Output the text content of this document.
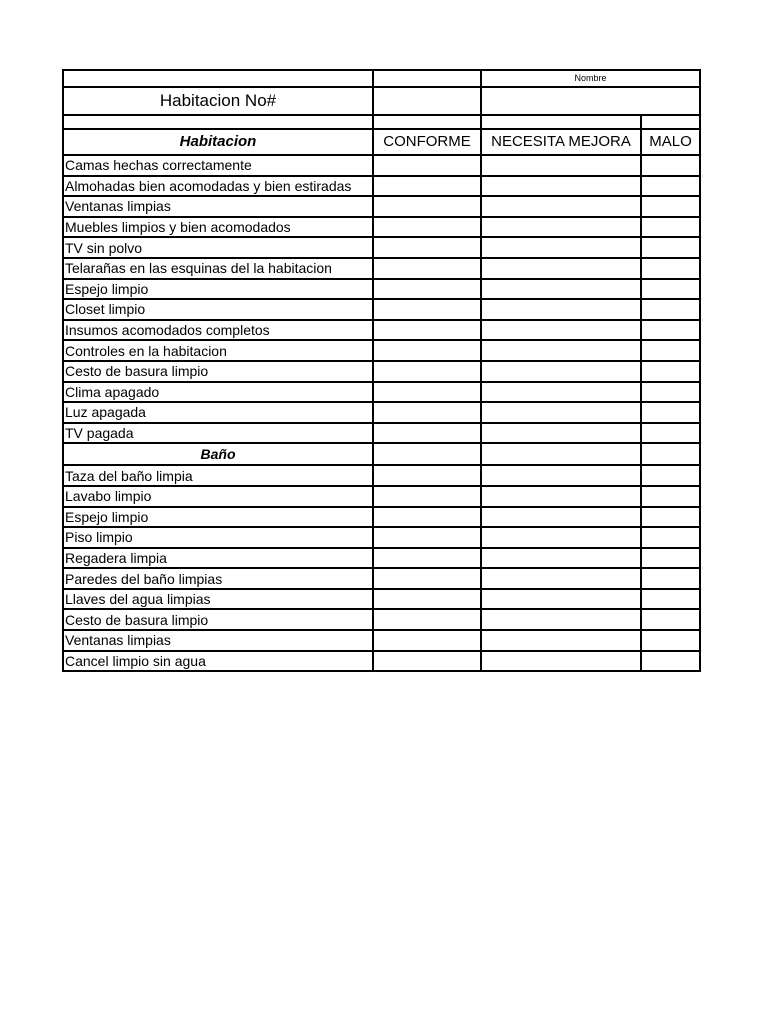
		Nombre	
Habitacion No#			

Habitacion	CONFORME	NECESITA MEJORA	MALO
Camas hechas correctamente			
Almohadas bien acomodadas y bien estiradas			
Ventanas limpias			
Muebles limpios y bien acomodados			
TV sin polvo			
Telarañas en las esquinas del la habitacion			
Espejo limpio			
Closet limpio			
Insumos acomodados completos			
Controles en la habitacion			
Cesto de basura limpio			
Clima apagado			
Luz apagada			
TV pagada			
Baño			
Taza del baño limpia			
Lavabo limpio			
Espejo limpio			
Piso limpio			
Regadera limpia			
Paredes del baño limpias			
Llaves del agua limpias			
Cesto de basura limpio			
Ventanas limpias			
Cancel limpio sin agua			
